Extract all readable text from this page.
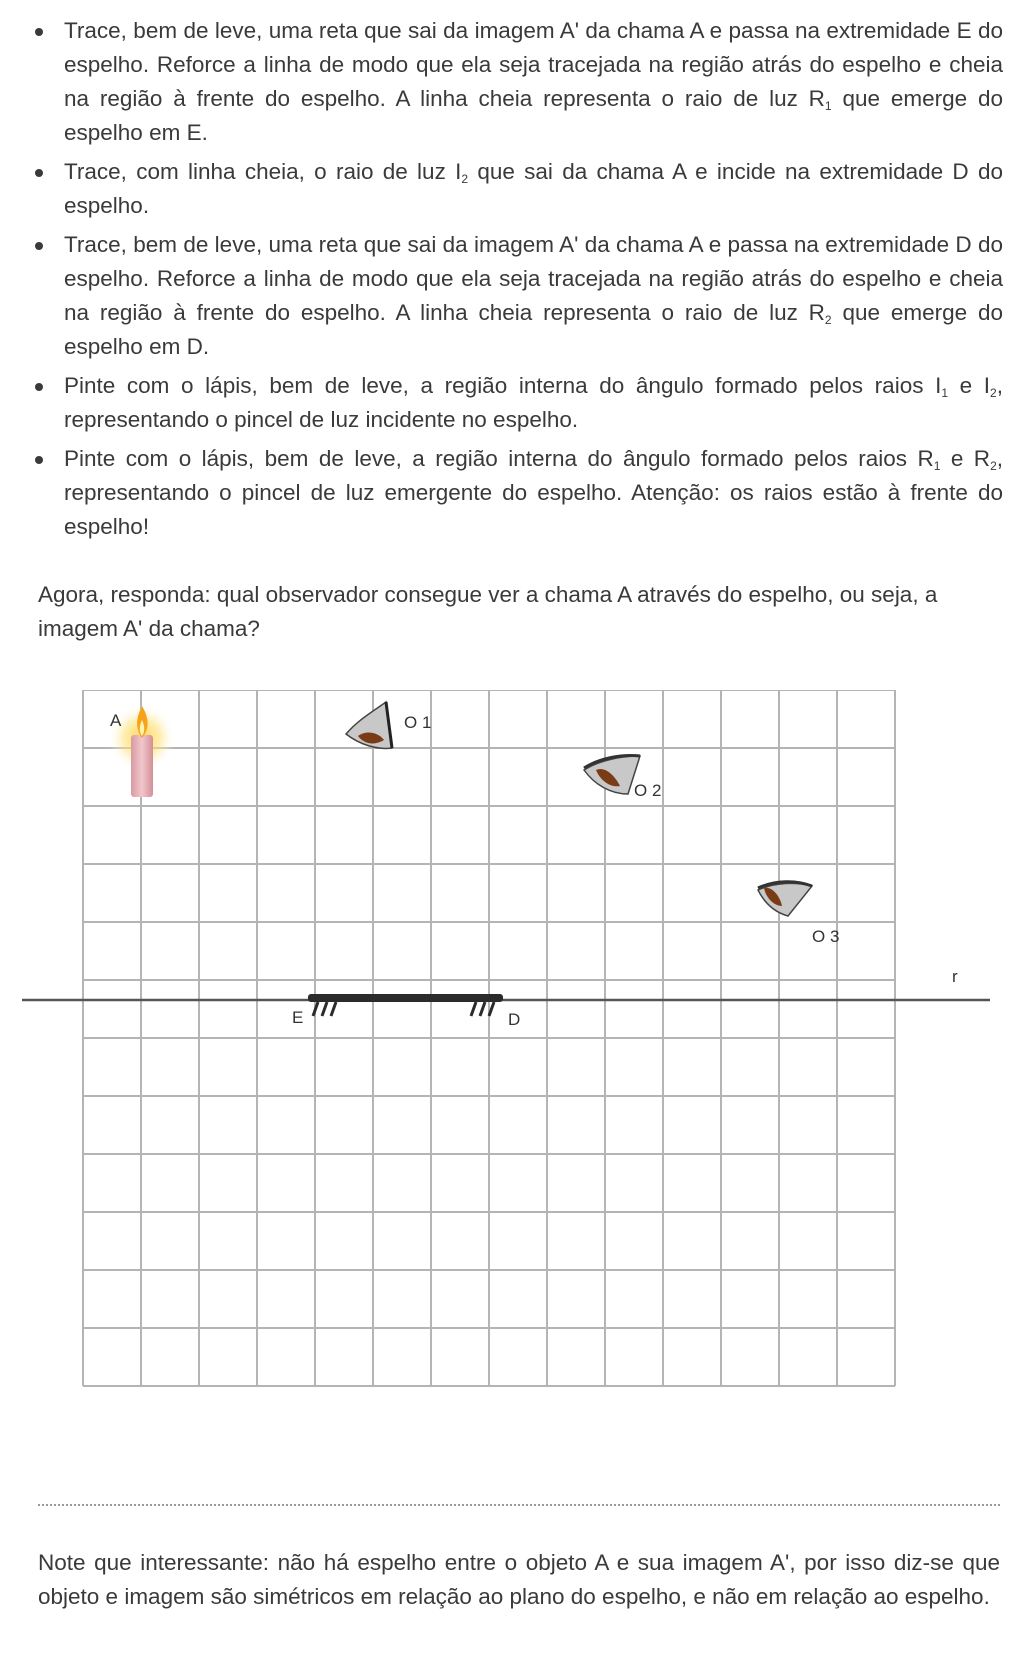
Trace, bem de leve, uma reta que sai da imagem A' da chama A e passa na extremidade E do espelho. Reforce a linha de modo que ela seja tracejada na região atrás do espelho e cheia na região à frente do espelho. A linha cheia representa o raio de luz $R_1$ que emerge do espelho em E.
Trace, com linha cheia, o raio de luz $I_2$ que sai da chama A e incide na extremidade D do espelho.
Trace, bem de leve, uma reta que sai da imagem A' da chama A e passa na extremidade D do espelho. Reforce a linha de modo que ela seja tracejada na região atrás do espelho e cheia na região à frente do espelho. A linha cheia representa o raio de luz $R_2$ que emerge do espelho em D.
Pinte com o lápis, bem de leve, a região interna do ângulo formado pelos raios $I_1$ e $I_2$, representando o pincel de luz incidente no espelho.
Pinte com o lápis, bem de leve, a região interna do ângulo formado pelos raios $R_1$ e $R_2$, representando o pincel de luz emergente do espelho. Atenção: os raios estão à frente do espelho!

Agora, responda: qual observador consegue ver a chama A através do espelho, ou seja, a imagem A' da chama?

r
E	D
A	O 1
O 2
O 3

Note que interessante: não há espelho entre o objeto A e sua imagem A', por isso diz-se que objeto e imagem são simétricos em relação ao plano do espelho, e não em relação ao espelho.
